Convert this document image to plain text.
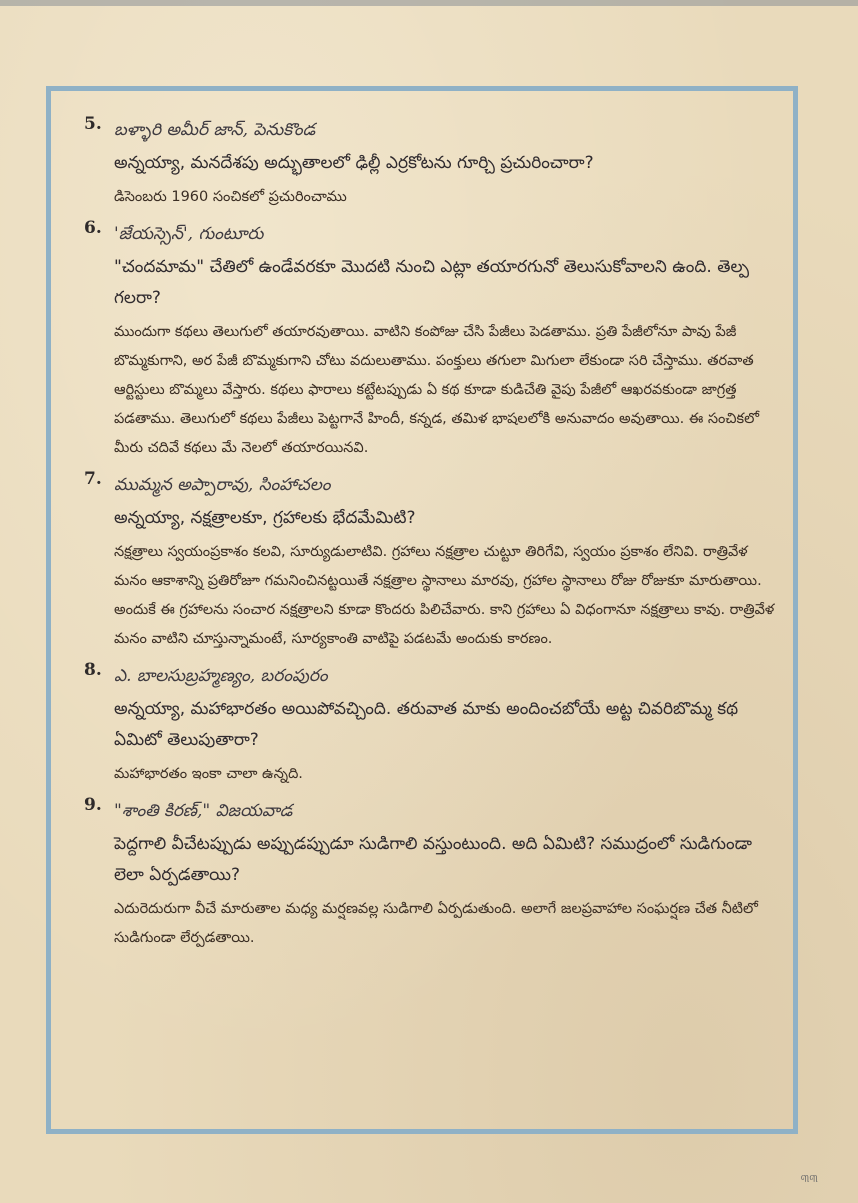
5. బళ్ళారి అమీర్ జాన్, పెనుకొండ
అన్నయ్యా, మనదేశపు అద్భుతాలలో ఢిల్లీ ఎర్రకోటను గూర్చి ప్రచురించారా?
డిసెంబరు 1960 సంచికలో ప్రచురించాము
6. 'జేయస్సెన్', గుంటూరు
"చందమామ" చేతిలో ఉండేవరకూ మొదటి నుంచి ఎట్లా తయారగునో తెలుసుకోవాలని ఉంది. తెల్ప గలరా?
ముందుగా కథలు తెలుగులో తయారవుతాయి. వాటిని కంపోజు చేసి పేజీలు పెడతాము. ప్రతి పేజీలోనూ పావు పేజీ బొమ్మకుగాని, అర పేజీ బొమ్మకుగాని చోటు వదులుతాము. పంక్తులు తగులా మిగులా లేకుండా సరి చేస్తాము. తరవాత ఆర్టిస్టులు బొమ్మలు వేస్తారు. కథలు ఫారాలు కట్టేటప్పుడు ఏ కథ కూడా కుడిచేతి వైపు పేజీలో ఆఖరవకుండా జాగ్రత్త పడతాము. తెలుగులో కథలు పేజీలు పెట్టగానే హిందీ, కన్నడ, తమిళ భాషలలోకి అనువాదం అవుతాయి. ఈ సంచికలో మీరు చదివే కథలు మే నెలలో తయారయినవి.
7. ముమ్మన అప్పారావు, సింహాచలం
అన్నయ్యా, నక్షత్రాలకూ, గ్రహాలకు భేదమేమిటి?
నక్షత్రాలు స్వయంప్రకాశం కలవి, సూర్యుడులాటివి. గ్రహాలు నక్షత్రాల చుట్టూ తిరిగేవి, స్వయం ప్రకాశం లేనివి. రాత్రివేళ మనం ఆకాశాన్ని ప్రతిరోజూ గమనించినట్టయితే నక్షత్రాల స్థానాలు మారవు, గ్రహాల స్థానాలు రోజు రోజుకూ మారుతాయి. అందుకే ఈ గ్రహాలను సంచార నక్షత్రాలని కూడా కొందరు పిలిచేవారు. కాని గ్రహాలు ఏ విధంగానూ నక్షత్రాలు కావు. రాత్రివేళ మనం వాటిని చూస్తున్నామంటే, సూర్యకాంతి వాటిపై పడటమే అందుకు కారణం.
8. ఎ. బాలసుబ్రహ్మణ్యం, బరంపురం
అన్నయ్యా, మహాభారతం అయిపోవచ్చింది. తరువాత మాకు అందించబోయే అట్ట చివరిబొమ్మ కథ ఏమిటో తెలుపుతారా?
మహాభారతం ఇంకా చాలా ఉన్నది.
9. "శాంతి కిరణ్," విజయవాడ
పెద్దగాలి వీచేటప్పుడు అప్పుడప్పుడూ సుడిగాలి వస్తుంటుంది. అది ఏమిటి? సముద్రంలో సుడిగుండా లెలా ఏర్పడతాయి?
ఎదురెదురుగా వీచే మారుతాల మధ్య మర్షణవల్ల సుడిగాలి ఏర్పడుతుంది. అలాగే జలప్రవాహాల సంఘర్షణ చేత నీటిలో సుడిగుండా లేర్పడతాయి.
୩୩
